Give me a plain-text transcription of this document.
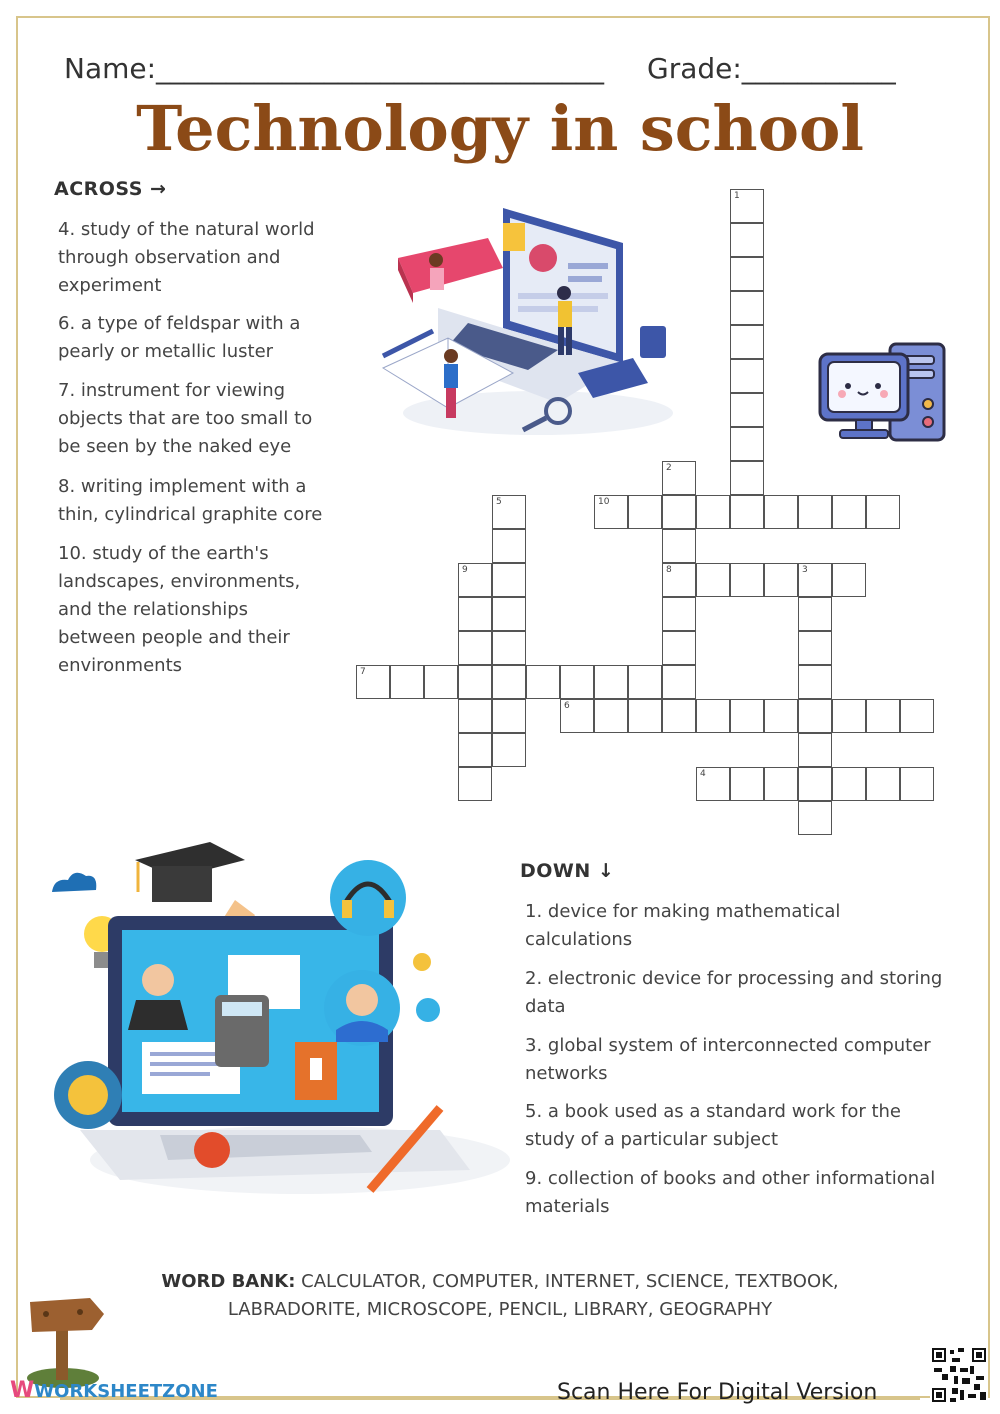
Name:________________________________ Grade:___________
Technology in school
ACROSS →
4. study of the natural world through observation and experiment
6. a type of feldspar with a pearly or metallic luster
7. instrument for viewing objects that are too small to be seen by the naked eye
8. writing implement with a thin, cylindrical graphite core
10. study of the earth's landscapes, environments, and the relationships between people and their environments
1
10
2
8	3
5
9
7
6
4
DOWN ↓
1. device for making mathematical calculations
2. electronic device for processing and storing data
3. global system of interconnected computer networks
5. a book used as a standard work for the study of a particular subject
9. collection of books and other informational materials
WORD BANK: CALCULATOR, COMPUTER, INTERNET, SCIENCE, TEXTBOOK,
LABRADORITE, MICROSCOPE, PENCIL, LIBRARY, GEOGRAPHY
WWORKSHEETZONE	Scan Here For Digital Version
